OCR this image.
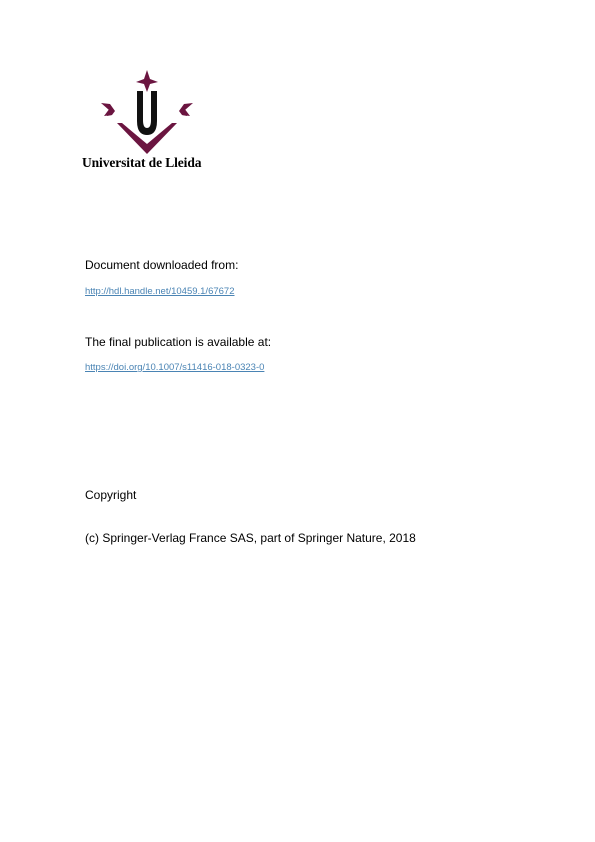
Universitat de Lleida
Document downloaded from:
http://hdl.handle.net/10459.1/67672
The final publication is available at:
https://doi.org/10.1007/s11416-018-0323-0
Copyright
(c) Springer-Verlag France SAS, part of Springer Nature, 2018
